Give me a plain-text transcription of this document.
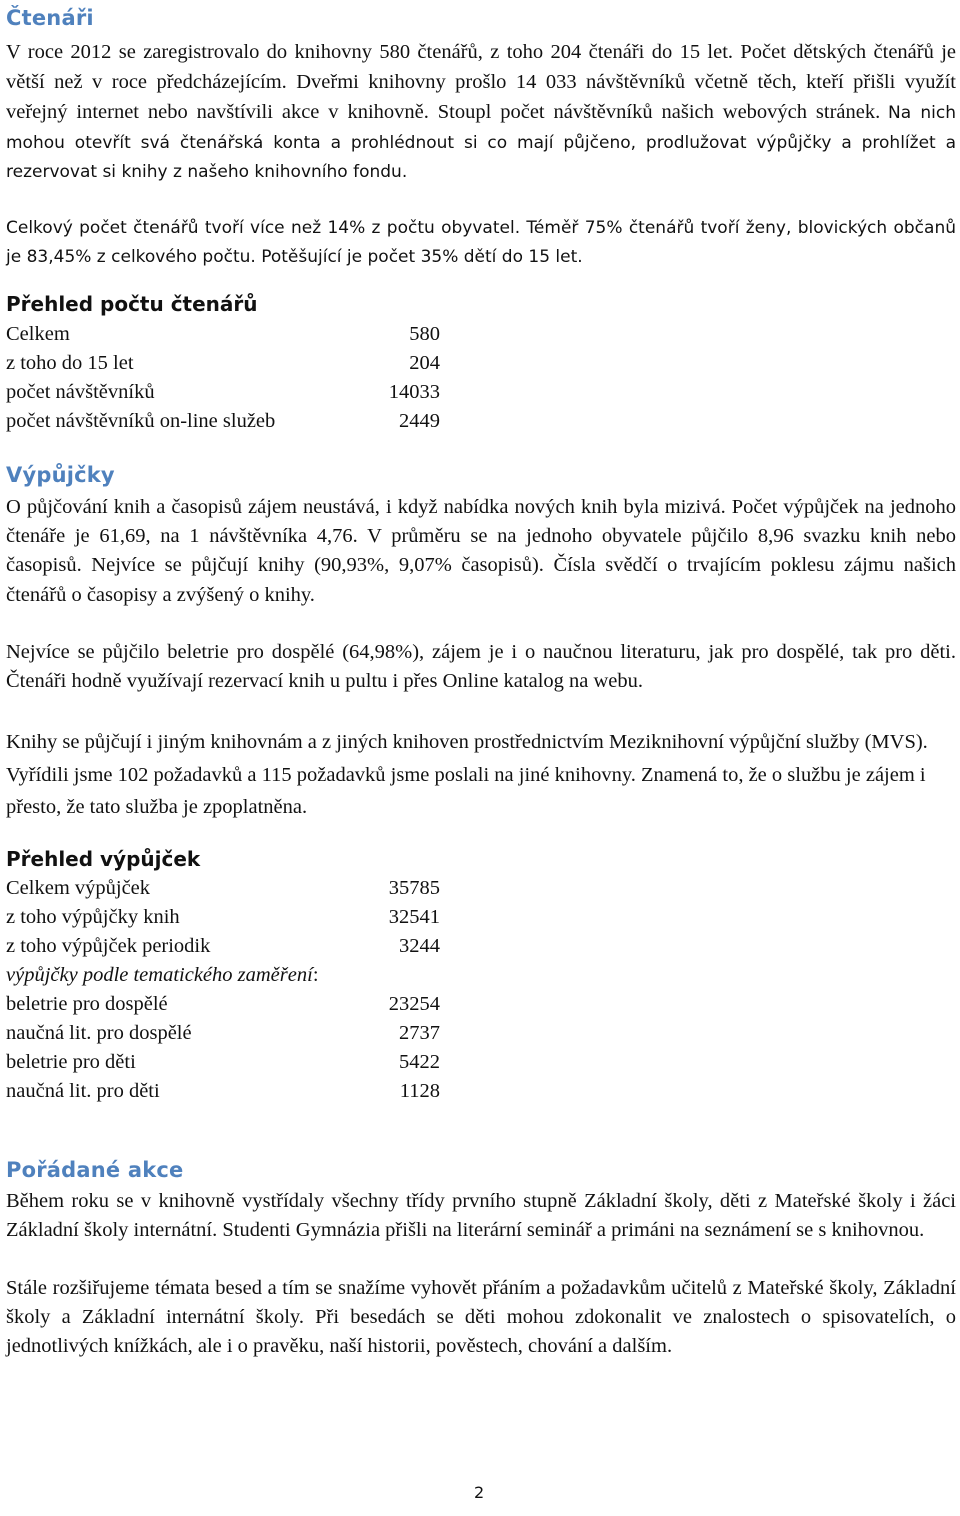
Čtenáři

V roce 2012 se zaregistrovalo do knihovny 580 čtenářů, z toho 204 čtenáři do 15 let. Počet dětských čtenářů je větší než v roce předcházejícím. Dveřmi knihovny prošlo 14 033 návštěvníků včetně těch, kteří přišli využít veřejný internet nebo navštívili akce v knihovně. Stoupl počet návštěvníků našich webových stránek. Na nich mohou otevřít svá čtenářská konta a prohlédnout si co mají půjčeno, prodlužovat výpůjčky a prohlížet a rezervovat si knihy z našeho knihovního fondu.

Celkový počet čtenářů tvoří více než 14% z počtu obyvatel. Téměř 75% čtenářů tvoří ženy, blovických občanů je 83,45% z celkového počtu. Potěšující je počet 35% dětí do 15 let.

Přehled počtu čtenářů
Celkem	580
z toho do 15 let	204
počet návštěvníků	14033
počet návštěvníků on-line služeb	2449
Výpůjčky

O půjčování knih a časopisů zájem neustává, i když nabídka nových knih byla mizivá. Počet výpůjček na jednoho čtenáře je 61,69, na 1 návštěvníka 4,76. V průměru se na jednoho obyvatele půjčilo 8,96 svazku knih nebo časopisů. Nejvíce se půjčují knihy (90,93%, 9,07% časopisů). Čísla svědčí o trvajícím poklesu zájmu našich čtenářů o časopisy a zvýšený o knihy.

Nejvíce se půjčilo beletrie pro dospělé (64,98%), zájem je i o naučnou literaturu, jak pro dospělé, tak pro děti. Čtenáři hodně využívají rezervací knih u pultu i přes Online katalog na webu.

Knihy se půjčují i jiným knihovnám a z jiných knihoven prostřednictvím Meziknihovní výpůjční služby (MVS). Vyřídili jsme 102 požadavků a 115 požadavků jsme poslali na jiné knihovny. Znamená to, že o službu je zájem i přesto, že tato služba je zpoplatněna.

Přehled výpůjček
Celkem výpůjček	35785
z toho výpůjčky knih	32541
z toho výpůjček periodik	3244
výpůjčky podle tematického zaměření:
beletrie pro dospělé	23254
naučná lit. pro dospělé	2737
beletrie pro děti	5422
naučná lit. pro děti	1128
Pořádané akce

Během roku se v knihovně vystřídaly všechny třídy prvního stupně Základní školy, děti z Mateřské školy i žáci Základní školy internátní. Studenti Gymnázia přišli na literární seminář a primáni na seznámení se s knihovnou.

Stále rozšiřujeme témata besed a tím se snažíme vyhovět přáním a požadavkům učitelů z Mateřské školy, Základní školy a Základní internátní školy. Při besedách se děti mohou zdokonalit ve znalostech o spisovatelích, o jednotlivých knížkách, ale i o pravěku, naší historii, pověstech, chování a dalším.

2
